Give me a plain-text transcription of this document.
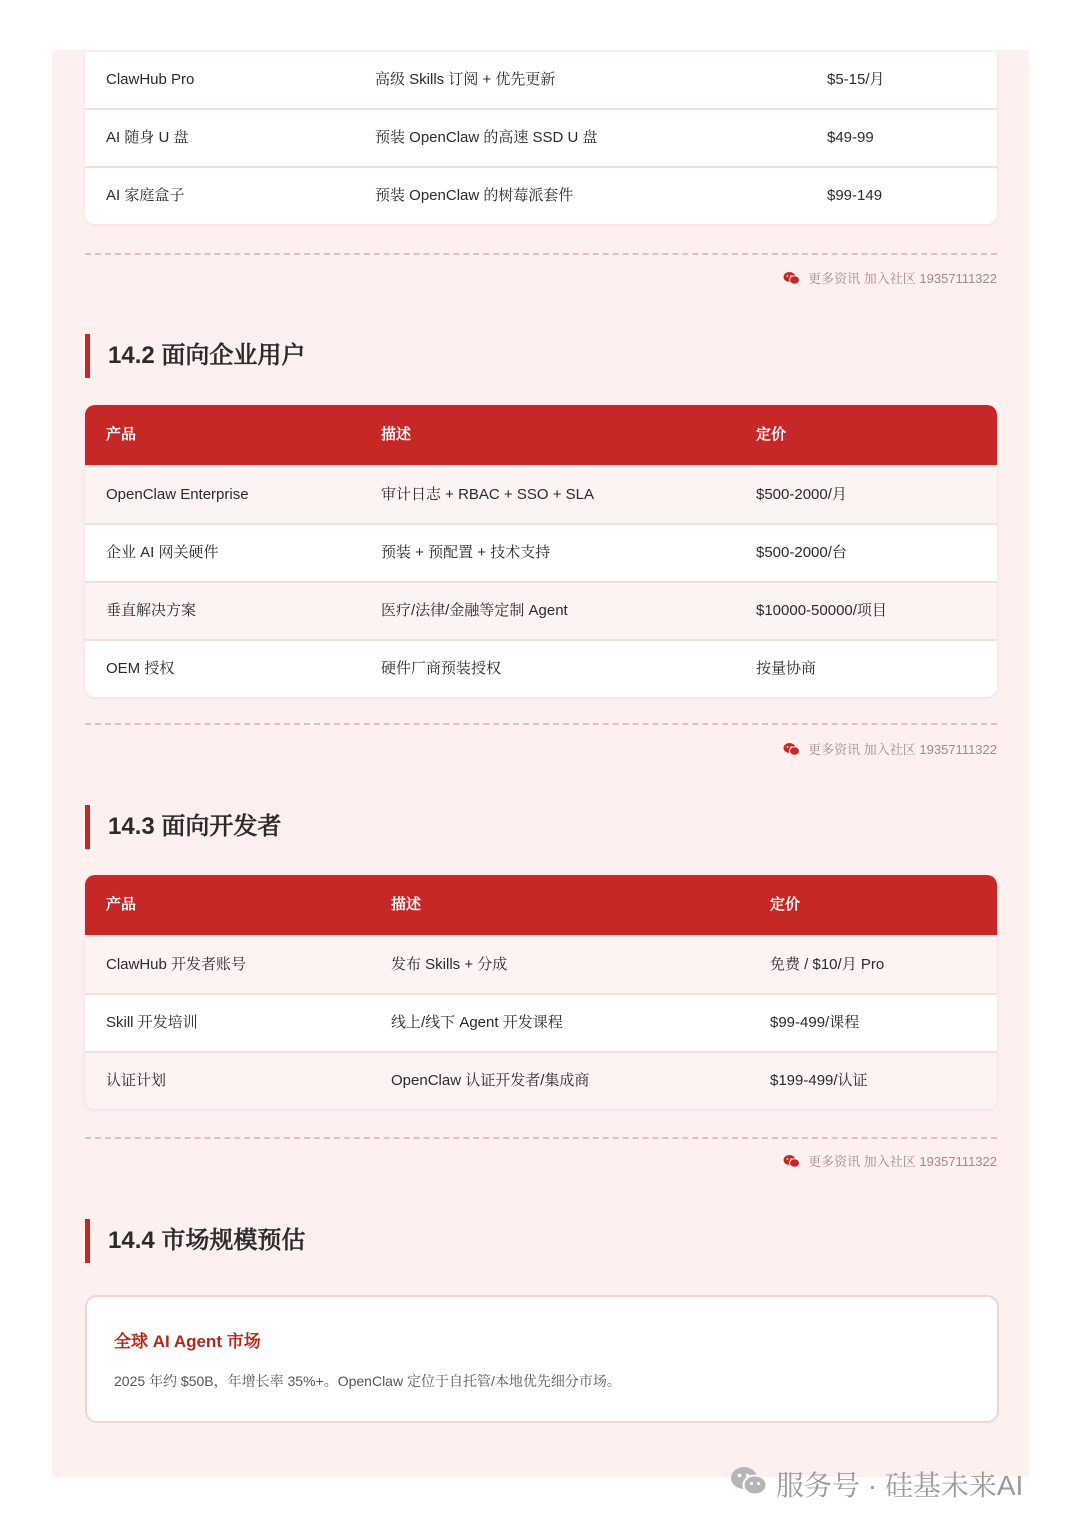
ClawHub Pro	高级 Skills 订阅 + 优先更新	$5-15/月
AI 随身 U 盘	预装 OpenClaw 的高速 SSD U 盘	$49-99
AI 家庭盒子	预装 OpenClaw 的树莓派套件	$99-149
更多资讯 加入社区 19357111322
14.2 面向企业用户
产品	描述	定价
OpenClaw Enterprise	审计日志 + RBAC + SSO + SLA	$500-2000/月
企业 AI 网关硬件	预装 + 预配置 + 技术支持	$500-2000/台
垂直解决方案	医疗/法律/金融等定制 Agent	$10000-50000/项目
OEM 授权	硬件厂商预装授权	按量协商
更多资讯 加入社区 19357111322
14.3 面向开发者
产品	描述	定价
ClawHub 开发者账号	发布 Skills + 分成	免费 / $10/月 Pro
Skill 开发培训	线上/线下 Agent 开发课程	$99-499/课程
认证计划	OpenClaw 认证开发者/集成商	$199-499/认证
更多资讯 加入社区 19357111322
14.4 市场规模预估
全球 AI Agent 市场
2025 年约 $50B，年增长率 35%+。OpenClaw 定位于自托管/本地优先细分市场。
服务号 · 硅基未来AI
